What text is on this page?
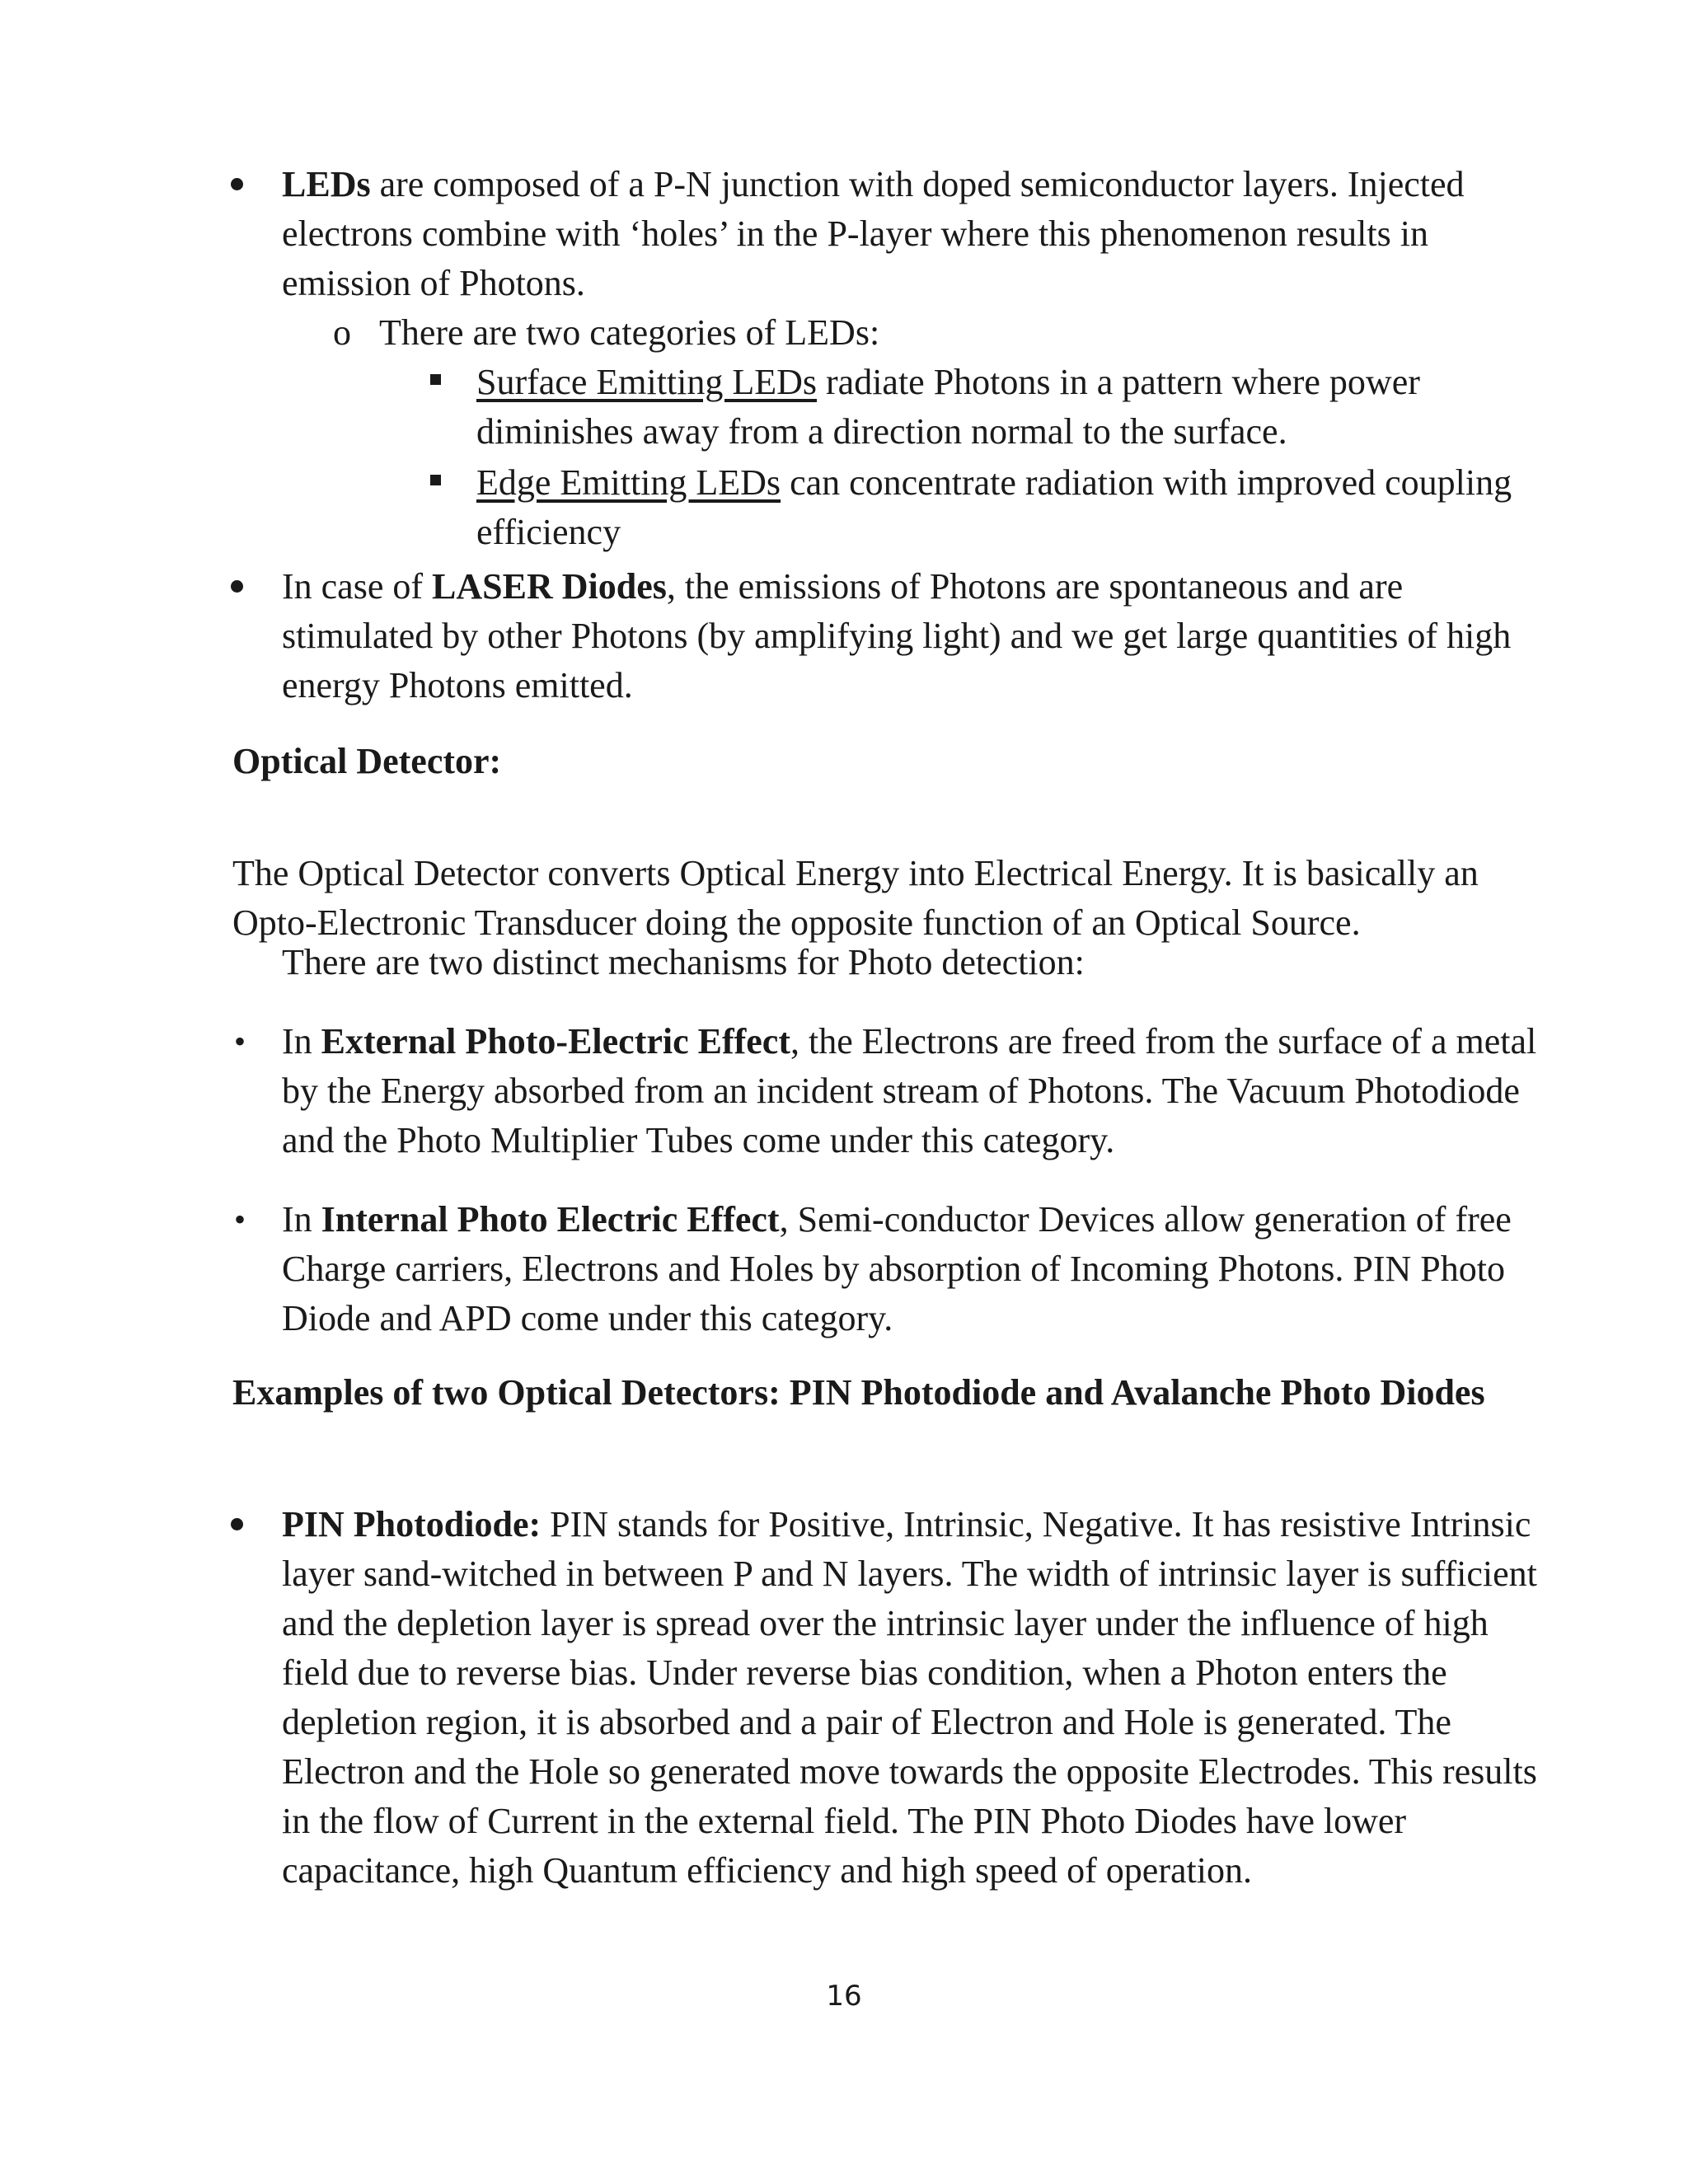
LEDs are composed of a P-N junction with doped semiconductor layers. Injected electrons combine with ‘holes’ in the P-layer where this phenomenon results in emission of Photons.

o There are two categories of LEDs:

Surface Emitting LEDs radiate Photons in a pattern where power diminishes away from a direction normal to the surface.

Edge Emitting LEDs can concentrate radiation with improved coupling efficiency

In case of LASER Diodes, the emissions of Photons are spontaneous and are stimulated by other Photons (by amplifying light) and we get large quantities of high energy Photons emitted.

Optical Detector:

The Optical Detector converts Optical Energy into Electrical Energy. It is basically an Opto-Electronic Transducer doing the opposite function of an Optical Source.

There are two distinct mechanisms for Photo detection:

• In External Photo-Electric Effect, the Electrons are freed from the surface of a metal by the Energy absorbed from an incident stream of Photons. The Vacuum Photodiode and the Photo Multiplier Tubes come under this category.

• In Internal Photo Electric Effect, Semi-conductor Devices allow generation of free Charge carriers, Electrons and Holes by absorption of Incoming Photons. PIN Photo Diode and APD come under this category.

Examples of two Optical Detectors: PIN Photodiode and Avalanche Photo Diodes

PIN Photodiode: PIN stands for Positive, Intrinsic, Negative. It has resistive Intrinsic layer sand-witched in between P and N layers. The width of intrinsic layer is sufficient and the depletion layer is spread over the intrinsic layer under the influence of high field due to reverse bias. Under reverse bias condition, when a Photon enters the depletion region, it is absorbed and a pair of Electron and Hole is generated. The Electron and the Hole so generated move towards the opposite Electrodes. This results in the flow of Current in the external field. The PIN Photo Diodes have lower capacitance, high Quantum efficiency and high speed of operation.

16
